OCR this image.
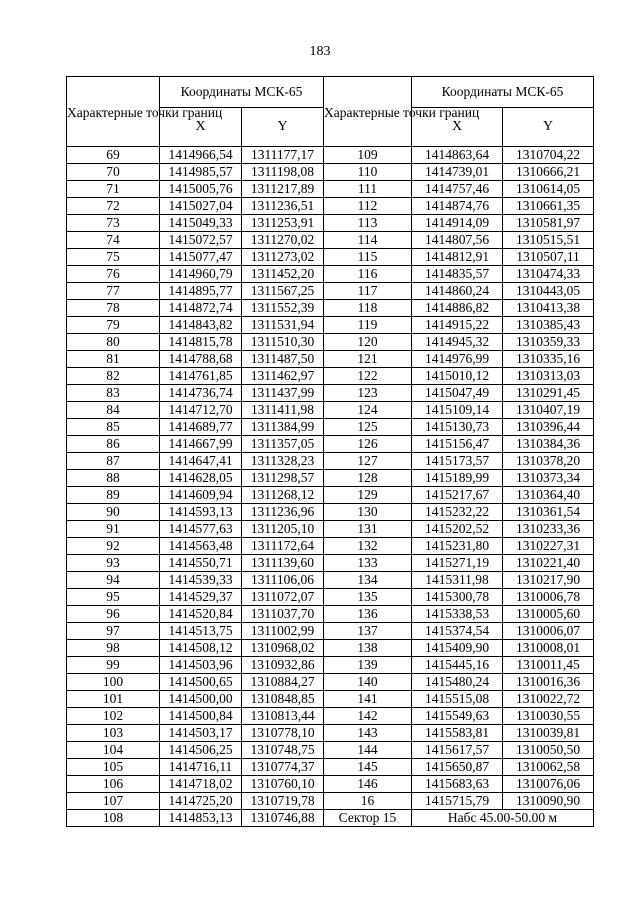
183
Характерные точки границ	Координаты МСК-65		Характерные точки границ	Координаты МСК-65	
	X	Y		X	Y
69	1414966,54	1311177,17	109	1414863,64	1310704,22
70	1414985,57	1311198,08	110	1414739,01	1310666,21
71	1415005,76	1311217,89	111	1414757,46	1310614,05
72	1415027,04	1311236,51	112	1414874,76	1310661,35
73	1415049,33	1311253,91	113	1414914,09	1310581,97
74	1415072,57	1311270,02	114	1414807,56	1310515,51
75	1415077,47	1311273,02	115	1414812,91	1310507,11
76	1414960,79	1311452,20	116	1414835,57	1310474,33
77	1414895,77	1311567,25	117	1414860,24	1310443,05
78	1414872,74	1311552,39	118	1414886,82	1310413,38
79	1414843,82	1311531,94	119	1414915,22	1310385,43
80	1414815,78	1311510,30	120	1414945,32	1310359,33
81	1414788,68	1311487,50	121	1414976,99	1310335,16
82	1414761,85	1311462,97	122	1415010,12	1310313,03
83	1414736,74	1311437,99	123	1415047,49	1310291,45
84	1414712,70	1311411,98	124	1415109,14	1310407,19
85	1414689,77	1311384,99	125	1415130,73	1310396,44
86	1414667,99	1311357,05	126	1415156,47	1310384,36
87	1414647,41	1311328,23	127	1415173,57	1310378,20
88	1414628,05	1311298,57	128	1415189,99	1310373,34
89	1414609,94	1311268,12	129	1415217,67	1310364,40
90	1414593,13	1311236,96	130	1415232,22	1310361,54
91	1414577,63	1311205,10	131	1415202,52	1310233,36
92	1414563,48	1311172,64	132	1415231,80	1310227,31
93	1414550,71	1311139,60	133	1415271,19	1310221,40
94	1414539,33	1311106,06	134	1415311,98	1310217,90
95	1414529,37	1311072,07	135	1415300,78	1310006,78
96	1414520,84	1311037,70	136	1415338,53	1310005,60
97	1414513,75	1311002,99	137	1415374,54	1310006,07
98	1414508,12	1310968,02	138	1415409,90	1310008,01
99	1414503,96	1310932,86	139	1415445,16	1310011,45
100	1414500,65	1310884,27	140	1415480,24	1310016,36
101	1414500,00	1310848,85	141	1415515,08	1310022,72
102	1414500,84	1310813,44	142	1415549,63	1310030,55
103	1414503,17	1310778,10	143	1415583,81	1310039,81
104	1414506,25	1310748,75	144	1415617,57	1310050,50
105	1414716,11	1310774,37	145	1415650,87	1310062,58
106	1414718,02	1310760,10	146	1415683,63	1310076,06
107	1414725,20	1310719,78	16	1415715,79	1310090,90
108	1414853,13	1310746,88	Сектор 15	Набс 45.00-50.00 м	
